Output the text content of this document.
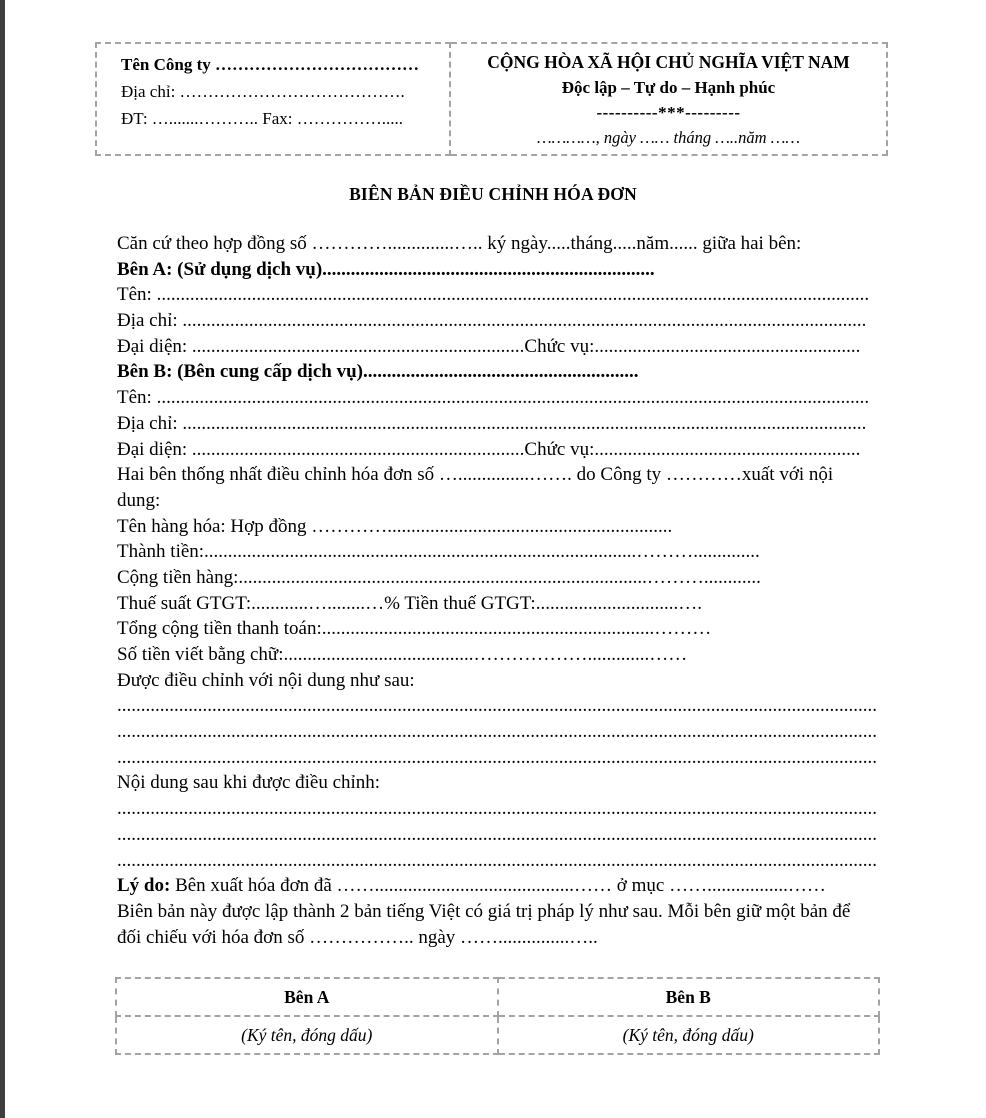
Tên Công ty ………………………………
Địa chỉ: ………………………………….
ĐT: ….......……….. Fax: …………….....
CỘNG HÒA XÃ HỘI CHỦ NGHĨA VIỆT NAM
Độc lập – Tự do – Hạnh phúc
----------***---------
…………, ngày …… tháng …..năm ……
BIÊN BẢN ĐIỀU CHỈNH HÓA ĐƠN

Căn cứ theo hợp đồng số …………..............….. ký ngày.....tháng.....năm...... giữa hai bên:

Bên A: (Sử dụng dịch vụ)......................................................................

Tên: ......................................................................................................................................................

Địa chỉ: ................................................................................................................................................

Đại diện: ......................................................................Chức vụ:........................................................

Bên B: (Bên cung cấp dịch vụ)..........................................................

Tên: ......................................................................................................................................................

Địa chỉ: ................................................................................................................................................

Đại diện: ......................................................................Chức vụ:........................................................

Hai bên thống nhất điều chỉnh hóa đơn số …...............……. do Công ty …………xuất với nội

dung:

Tên hàng hóa: Hợp đồng …………............................................................

Thành tiền:...........................................................................................………..............

Cộng tiền hàng:......................................................................................………............

Thuế suất GTGT:............…........…% Tiền thuế GTGT:..............................….

Tổng cộng tiền thanh toán:......................................................................………

Số tiền viết bằng chữ:........................................……………….............……

Được điều chỉnh với nội dung như sau:

................................................................................................................................................................

................................................................................................................................................................

................................................................................................................................................................

Nội dung sau khi được điều chỉnh:

................................................................................................................................................................

................................................................................................................................................................

................................................................................................................................................................

Lý do: Bên xuất hóa đơn đã ……..........................................…… ở mục …….................……

Biên bản này được lập thành 2 bản tiếng Việt có giá trị pháp lý như sau. Mỗi bên giữ một bản để

đối chiếu với hóa đơn số …………….. ngày ……...............…..

Bên A	Bên B
(Ký tên, đóng dấu)	(Ký tên, đóng dấu)
